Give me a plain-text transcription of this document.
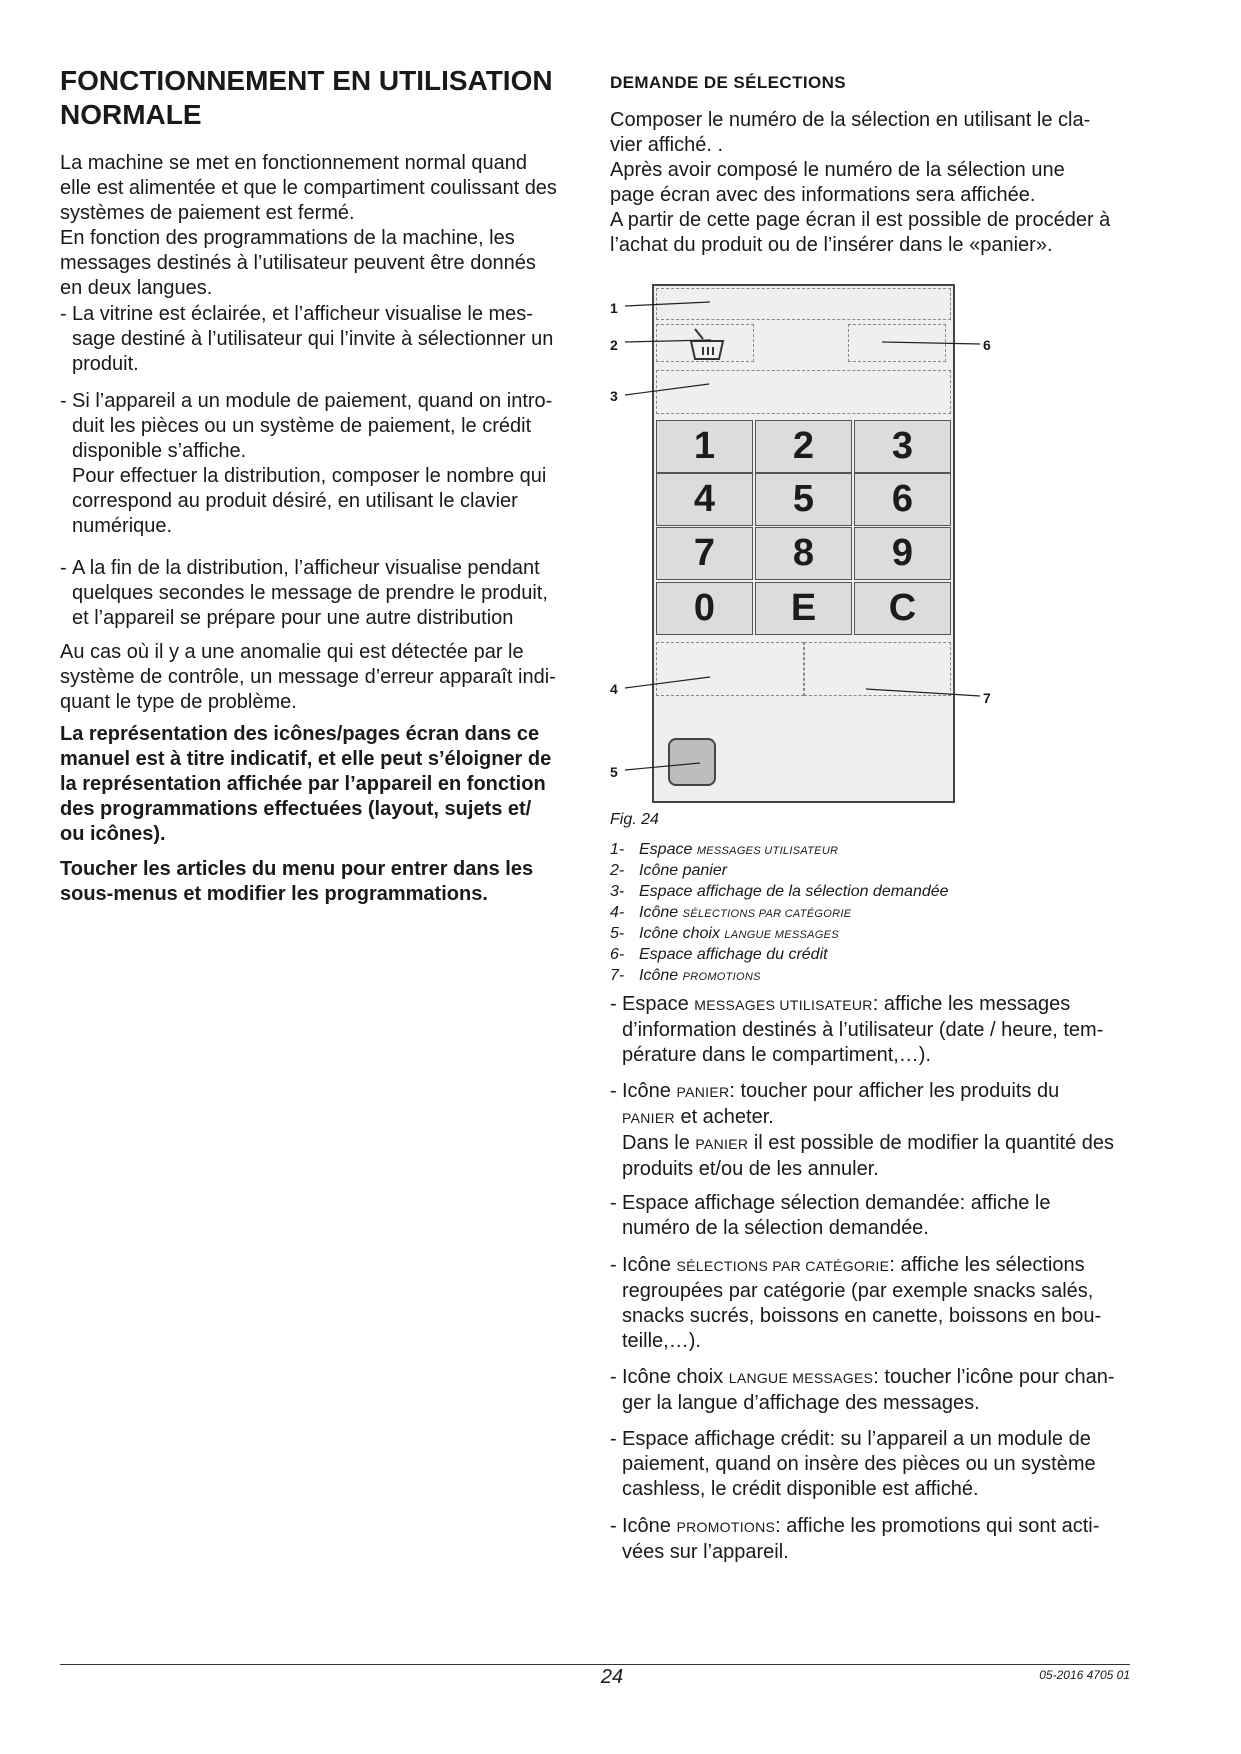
FONCTIONNEMENT EN UTILISATION
NORMALE

La machine se met en fonctionnement normal quand

elle est alimentée et que le compartiment coulissant des

systèmes de paiement est fermé.

En fonction des programmations de la machine, les

messages destinés à l’utilisateur peuvent être donnés

en deux langues.

- La vitrine est éclairée, et l’afficheur visualise le mes-

sage destiné à l’utilisateur qui l’invite à sélectionner un

produit.

- Si l’appareil a un module de paiement, quand on intro-

duit les pièces ou un système de paiement, le crédit

disponible s’affiche.

Pour effectuer la distribution, composer le nombre qui

correspond au produit désiré, en utilisant le clavier

numérique.

- A la fin de la distribution, l’afficheur visualise pendant

quelques secondes le message de prendre le produit,

et l’appareil se prépare pour une autre distribution

Au cas où il y a une anomalie qui est détectée par le

système de contrôle, un message d’erreur apparaît indi-

quant le type de problème.

La représentation des icônes/pages écran dans ce

manuel est à titre indicatif, et elle peut s’éloigner de

la représentation affichée par l’appareil en fonction

des programmations effectuées (layout, sujets et/

ou icônes).

Toucher les articles du menu pour entrer dans les

sous-menus et modifier les programmations.

DEMANDE DE SÉLECTIONS

Composer le numéro de la sélection en utilisant le cla-

vier affiché. .

Après avoir composé le numéro de la sélection une

page écran avec des informations sera affichée.

A partir de cette page écran il est possible de procéder à

l’achat du produit ou de l’insérer dans le «panier».

1	2	3
4	5	6
7	8	9
0	E	C
1
2
3
4
5
6
7
Fig. 24
1- Espace MESSAGES UTILISATEUR
2- Icône panier
3- Espace affichage de la sélection demandée
4- Icône SÉLECTIONS PAR CATÉGORIE
5- Icône choix LANGUE MESSAGES
6- Espace affichage du crédit
7- Icône PROMOTIONS
- Espace MESSAGES UTILISATEUR: affiche les messages

d’information destinés à l’utilisateur (date / heure, tem-

pérature dans le compartiment,…).

- Icône PANIER: toucher pour afficher les produits du

PANIER et acheter.

Dans le PANIER il est possible de modifier la quantité des

produits et/ou de les annuler.

- Espace affichage sélection demandée: affiche le

numéro de la sélection demandée.

- Icône SÉLECTIONS PAR CATÉGORIE: affiche les sélections

regroupées par catégorie (par exemple snacks salés,

snacks sucrés, boissons en canette, boissons en bou-

teille,…).

- Icône choix LANGUE MESSAGES: toucher l’icône pour chan-

ger la langue d’affichage des messages.

- Espace affichage crédit: su l’appareil a un module de

paiement, quand on insère des pièces ou un système

cashless, le crédit disponible est affiché.

- Icône PROMOTIONS: affiche les promotions qui sont acti-

vées sur l’appareil.

24	05-2016 4705 01
